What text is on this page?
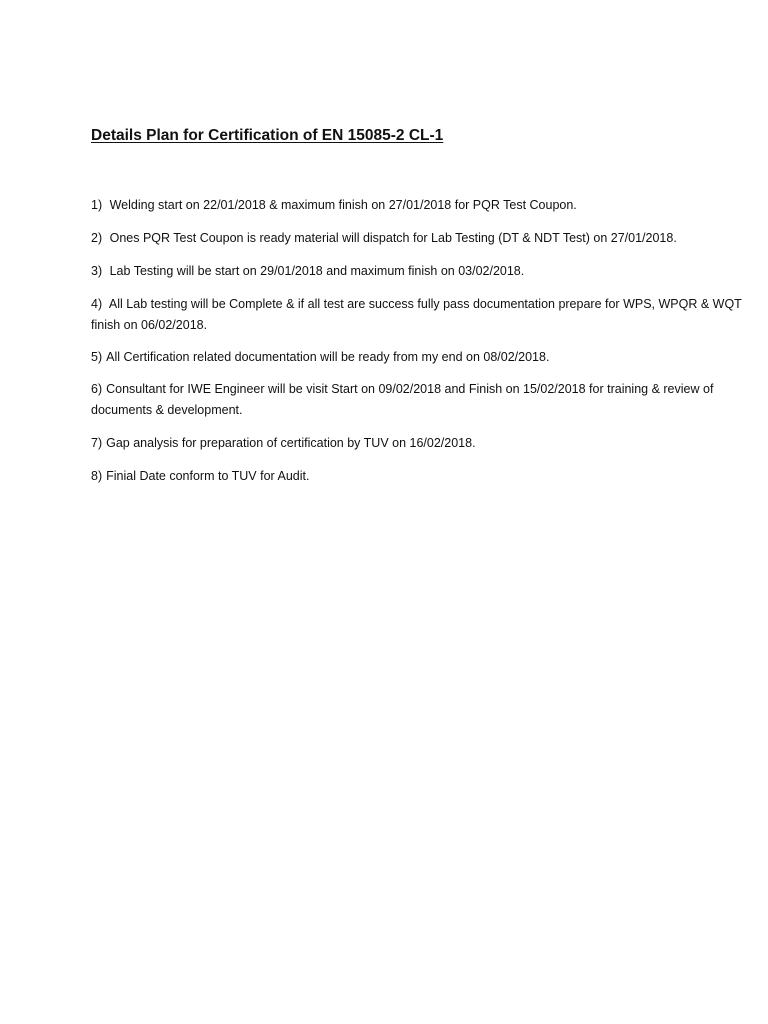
Details Plan for Certification of EN 15085-2 CL-1

1) Welding start on 22/01/2018 & maximum finish on 27/01/2018 for PQR Test Coupon.

2) Ones PQR Test Coupon is ready material will dispatch for Lab Testing (DT & NDT Test) on 27/01/2018.

3) Lab Testing will be start on 29/01/2018 and maximum finish on 03/02/2018.

4) All Lab testing will be Complete & if all test are success fully pass documentation prepare for WPS, WPQR & WQT finish on 06/02/2018.

5) All Certification related documentation will be ready from my end on 08/02/2018.

6) Consultant for IWE Engineer will be visit Start on 09/02/2018 and Finish on 15/02/2018 for training & review of documents & development.

7) Gap analysis for preparation of certification by TUV on 16/02/2018.

8) Finial Date conform to TUV for Audit.
